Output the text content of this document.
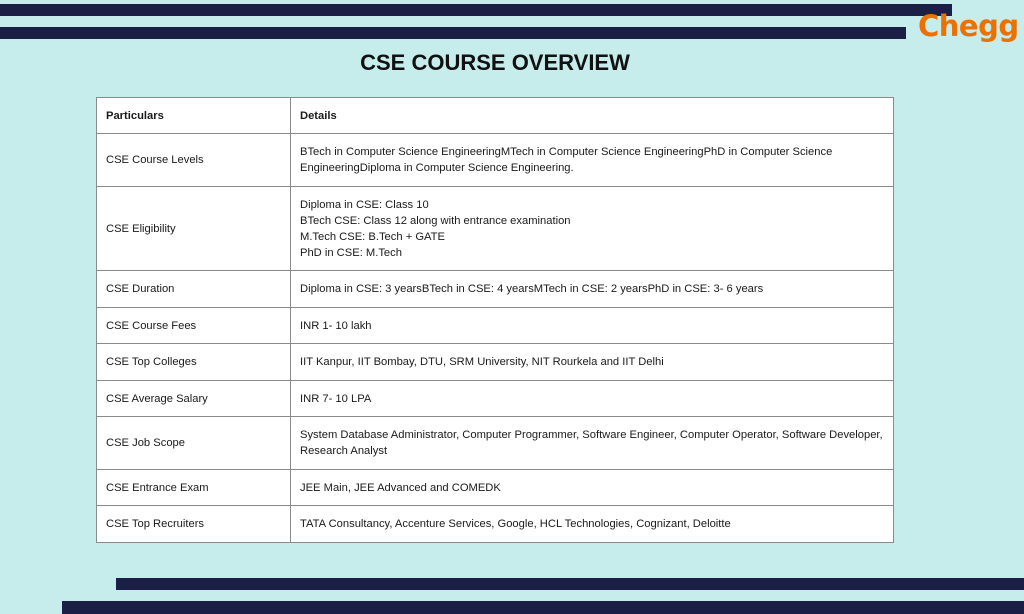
Chegg
CSE COURSE OVERVIEW
Particulars	Details
CSE Course Levels	BTech in Computer Science EngineeringMTech in Computer Science EngineeringPhD in Computer Science EngineeringDiploma in Computer Science Engineering.

CSE Eligibility	Diploma in CSE: Class 10
BTech CSE: Class 12 along with entrance examination
M.Tech CSE: B.Tech + GATE
PhD in CSE: M.Tech

CSE Duration	Diploma in CSE: 3 yearsBTech in CSE: 4 yearsMTech in CSE: 2 yearsPhD in CSE: 3- 6 years

CSE Course Fees	INR 1- 10 lakh

CSE Top Colleges	IIT Kanpur, IIT Bombay, DTU, SRM University, NIT Rourkela and IIT Delhi

CSE Average Salary	INR 7- 10 LPA

CSE Job Scope	System Database Administrator, Computer Programmer, Software Engineer, Computer Operator, Software Developer, Research Analyst

CSE Entrance Exam	JEE Main, JEE Advanced and COMEDK

CSE Top Recruiters	TATA Consultancy, Accenture Services, Google, HCL Technologies, Cognizant, Deloitte
